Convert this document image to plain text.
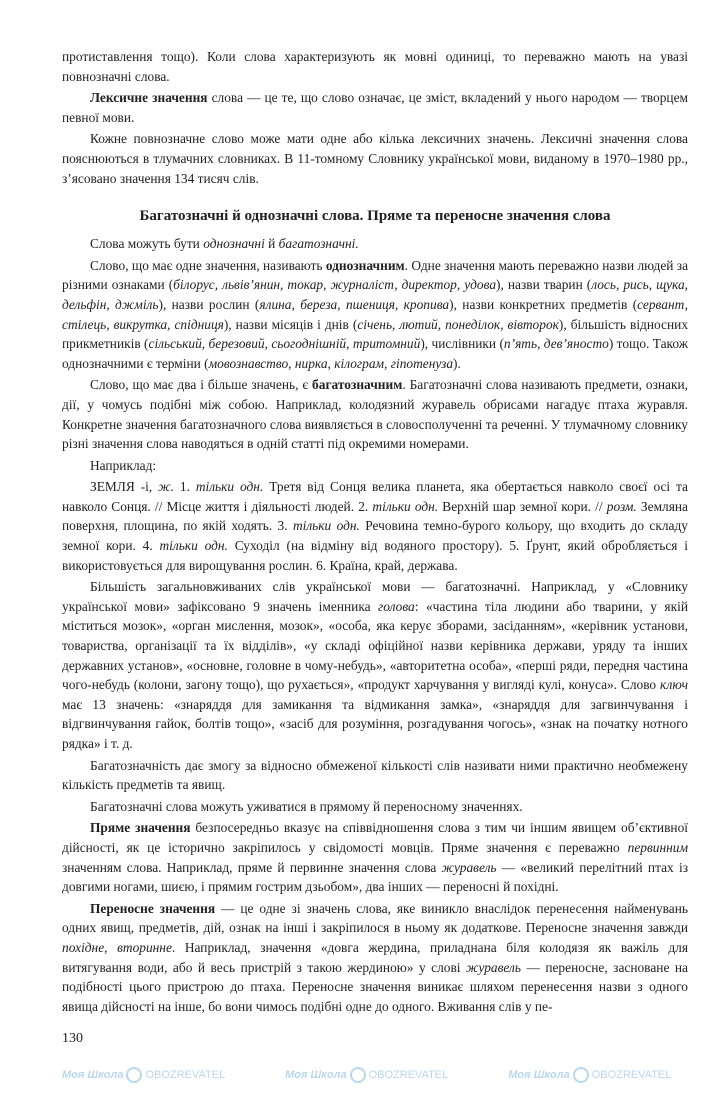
протиставлення тощо). Коли слова характеризують як мовні одиниці, то переважно мають на увазі повнозначні слова.

Лексичне значення слова — це те, що слово означає, це зміст, вкладений у нього народом — творцем певної мови.

Кожне повнозначне слово може мати одне або кілька лексичних значень. Лексичні значення слова пояснюються в тлумачних словниках. В 11-томному Словнику української мови, виданому в 1970–1980 рр., з’ясовано значення 134 тисяч слів.

Багатозначні й однозначні слова. Пряме та переносне значення слова

Слова можуть бути однозначні й багатозначні.

Слово, що має одне значення, називають однозначним. Одне значення мають переважно назви людей за різними ознаками (білорус, львів’янин, токар, журналіст, директор, удова), назви тварин (лось, рись, щука, дельфін, джміль), назви рослин (ялина, береза, пшениця, кропива), назви конкретних предметів (сервант, стілець, викрутка, спідниця), назви місяців і днів (січень, лютий, понеділок, вівторок), більшість відносних прикметників (сільський, березовий, сьогоднішній, тритомний), числівники (п’ять, дев’яносто) тощо. Також однозначними є терміни (мовознавство, нирка, кілограм, гіпотенуза).

Слово, що має два і більше значень, є багатозначним. Багатозначні слова називають предмети, ознаки, дії, у чомусь подібні між собою. Наприклад, колодязний журавель обрисами нагадує птаха журавля. Конкретне значення багатозначного слова виявляється в словосполученні та реченні. У тлумачному словнику різні значення слова наводяться в одній статті під окремими номерами.

Наприклад:

ЗЕМЛЯ -і, ж. 1. тільки одн. Третя від Сонця велика планета, яка обертається навколо своєї осі та навколо Сонця. // Місце життя і діяльності людей. 2. тільки одн. Верхній шар земної кори. // розм. Земляна поверхня, площина, по якій ходять. 3. тільки одн. Речовина темно-бурого кольору, що входить до складу земної кори. 4. тільки одн. Суходіл (на відміну від водяного простору). 5. Ґрунт, який обробляється і використовується для вирощування рослин. 6. Країна, край, держава.

Більшість загальновживаних слів української мови — багатозначні. Наприклад, у «Словнику української мови» зафіксовано 9 значень іменника голова: «частина тіла людини або тварини, у якій міститься мозок», «орган мислення, мозок», «особа, яка керує зборами, засіданням», «керівник установи, товариства, організації та їх відділів», «у складі офіційної назви керівника держави, уряду та інших державних установ», «основне, головне в чому-небудь», «авторитетна особа», «перші ряди, передня частина чого-небудь (колони, загону тощо), що рухається», «продукт харчування у вигляді кулі, конуса». Слово ключ має 13 значень: «знаряддя для замикання та відмикання замка», «знаряддя для загвинчування і відгвинчування гайок, болтів тощо», «засіб для розуміння, розгадування чогось», «знак на початку нотного рядка» і т. д.

Багатозначність дає змогу за відносно обмеженої кількості слів називати ними практично необмежену кількість предметів та явищ.

Багатозначні слова можуть уживатися в прямому й переносному значеннях.

Пряме значення безпосередньо вказує на співвідношення слова з тим чи іншим явищем об’єктивної дійсності, як це історично закріпилось у свідомості мовців. Пряме значення є переважно первинним значенням слова. Наприклад, пряме й первинне значення слова журавель — «великий перелітний птах із довгими ногами, шиєю, і прямим гострим дзьобом», два інших — переносні й похідні.

Переносне значення — це одне зі значень слова, яке виникло внаслідок перенесення найменувань одних явищ, предметів, дій, ознак на інші і закріпилося в ньому як додаткове. Переносне значення завжди похідне, вторинне. Наприклад, значення «довга жердина, приладнана біля колодязя як важіль для витягування води, або й весь пристрій з такою жердиною» у слові журавель — переносне, засноване на подібності цього пристрою до птаха. Переносне значення виникає шляхом перенесення назви з одного явища дійсності на інше, бо вони чимось подібні одне до одного. Вживання слів у пе-

130
Моя Школа OBOZREVATEL	Моя Школа OBOZREVATEL	Моя Школа OBOZREVATEL
